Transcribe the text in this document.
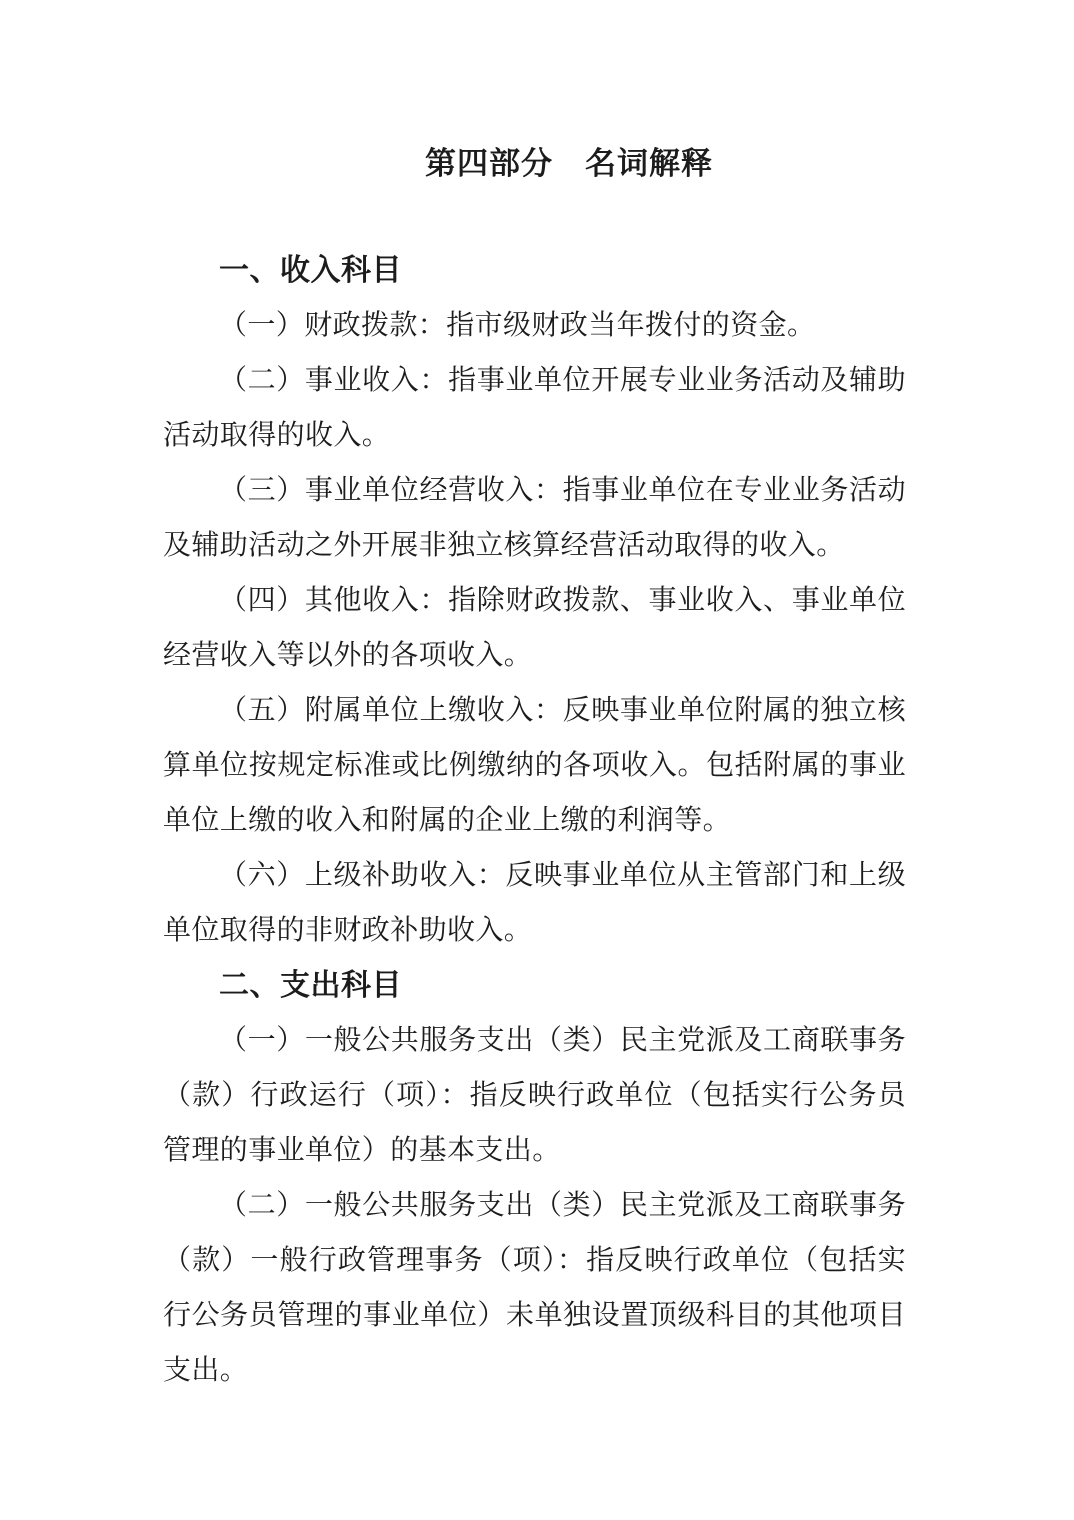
第四部分　名词解释
一、收入科目
（一）财政拨款：指市级财政当年拨付的资金。
（二）事业收入：指事业单位开展专业业务活动及辅助
活动取得的收入。
（三）事业单位经营收入：指事业单位在专业业务活动
及辅助活动之外开展非独立核算经营活动取得的收入。
（四）其他收入：指除财政拨款、事业收入、事业单位
经营收入等以外的各项收入。
（五）附属单位上缴收入：反映事业单位附属的独立核
算单位按规定标准或比例缴纳的各项收入。包括附属的事业
单位上缴的收入和附属的企业上缴的利润等。
（六）上级补助收入：反映事业单位从主管部门和上级
单位取得的非财政补助收入。
二、支出科目
（一）一般公共服务支出（类）民主党派及工商联事务
（款）行政运行（项）：指反映行政单位（包括实行公务员
管理的事业单位）的基本支出。
（二）一般公共服务支出（类）民主党派及工商联事务
（款）一般行政管理事务（项）：指反映行政单位（包括实
行公务员管理的事业单位）未单独设置顶级科目的其他项目
支出。
